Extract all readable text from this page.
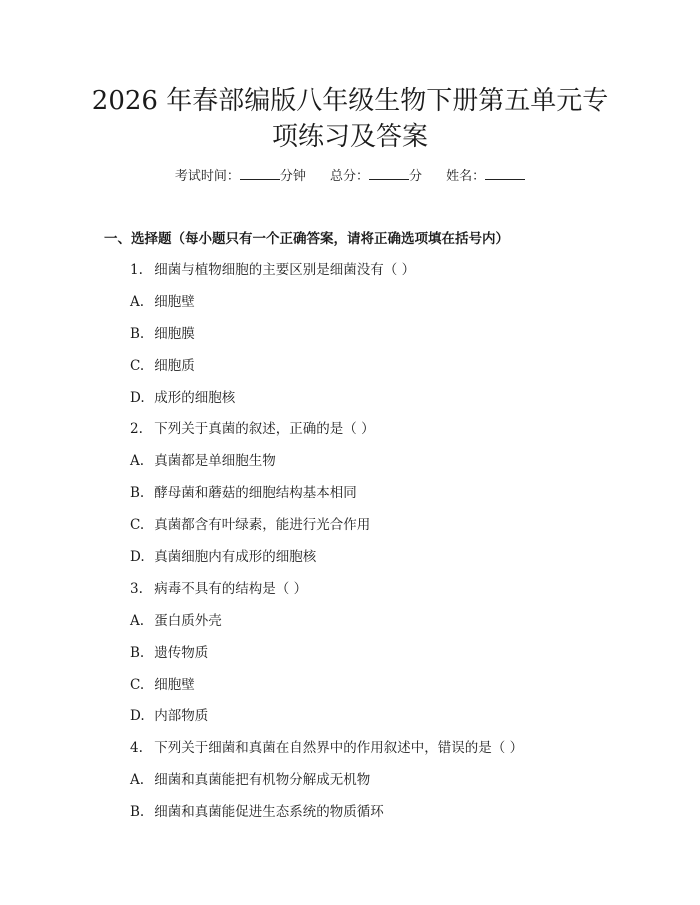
2026 年春部编版八年级生物下册第五单元专
项练习及答案
考试时间：	分钟 总分：	分 姓名：
一、选择题（每小题只有一个正确答案，请将正确选项填在括号内）
1. 细菌与植物细胞的主要区别是细菌没有（ ）
A. 细胞壁
B. 细胞膜
C. 细胞质
D. 成形的细胞核
2. 下列关于真菌的叙述，正确的是（ ）
A. 真菌都是单细胞生物
B. 酵母菌和蘑菇的细胞结构基本相同
C. 真菌都含有叶绿素，能进行光合作用
D. 真菌细胞内有成形的细胞核
3. 病毒不具有的结构是（ ）
A. 蛋白质外壳
B. 遗传物质
C. 细胞壁
D. 内部物质
4. 下列关于细菌和真菌在自然界中的作用叙述中，错误的是（ ）
A. 细菌和真菌能把有机物分解成无机物
B. 细菌和真菌能促进生态系统的物质循环
